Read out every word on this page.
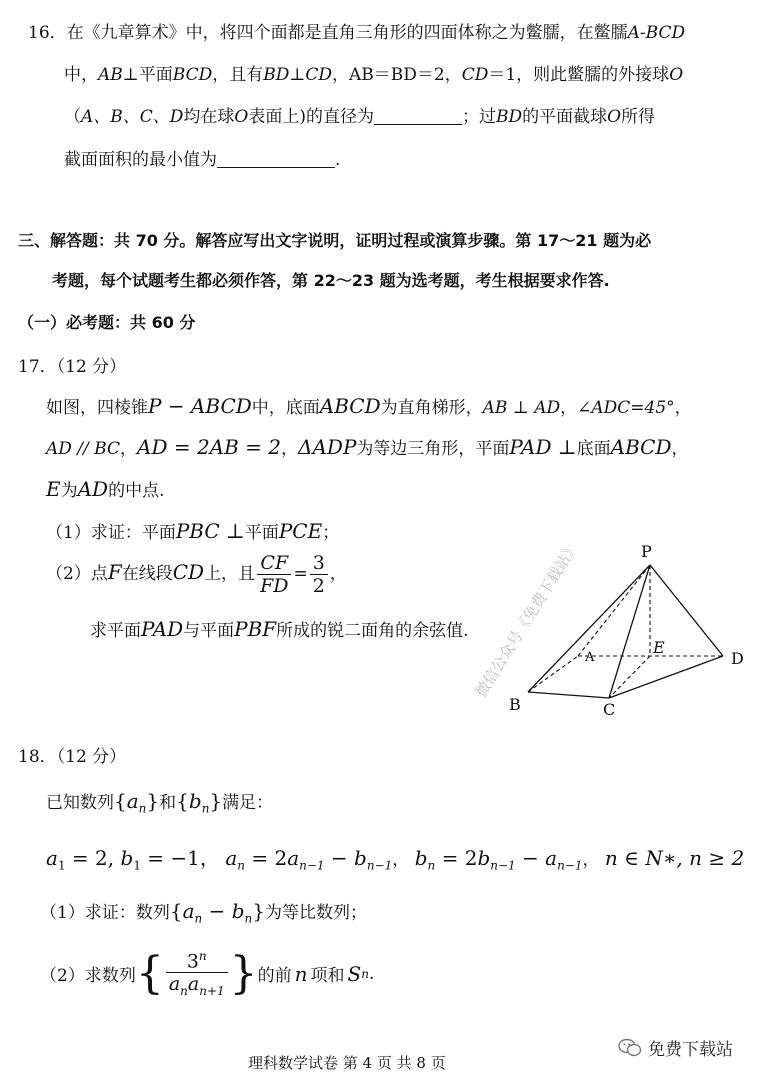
16．在《九章算术》中，将四个面都是直角三角形的四面体称之为鳖臑，在鳖臑A-BCD
中，AB⊥平面BCD，且有BD⊥CD，AB＝BD＝2，CD＝1，则此鳖臑的外接球O
（A、B、C、D均在球O表面上)的直径为	；过BD的平面截球O所得
截面面积的最小值为	.
三、解答题：共 70 分。解答应写出文字说明，证明过程或演算步骤。第 17～21 题为必
考题，每个试题考生都必须作答，第 22～23 题为选考题，考生根据要求作答.
（一）必考题：共 60 分
17．（12 分）
如图，四棱锥P − ABCD中，底面ABCD为直角梯形，AB ⊥ AD，∠ADC=45°，
AD // BC，AD = 2AB = 2，ΔADP为等边三角形，平面PAD ⊥底面ABCD，
E为AD的中点.
（1）求证：平面PBC ⊥平面PCE；
（2）点F在线段CD上，且 $\frac{CF}{FD} = \frac{3}{2}$ ，
求平面PAD与平面PBF所成的锐二面角的余弦值. 微信公众号《免费下载站》	P
A
E
D
B	C
18．（12 分）
已知数列$\{a_n\}$和$\{b_n\}$满足：
$a_1 = 2$, $b_1 = -1$， $a_n = 2a_{n-1} - b_{n-1}$， $b_n = 2b_{n-1} - a_{n-1}$， n ∈ N∗, n ≥ 2
（1）求证：数列$\{a_n - b_n\}$为等比数列；
（2）求数列 { $\frac{3^n}{a_na_{n+1}}$ } 的前 n 项和 S n .
免费下载站
理科数学试卷 第 4 页 共 8 页
